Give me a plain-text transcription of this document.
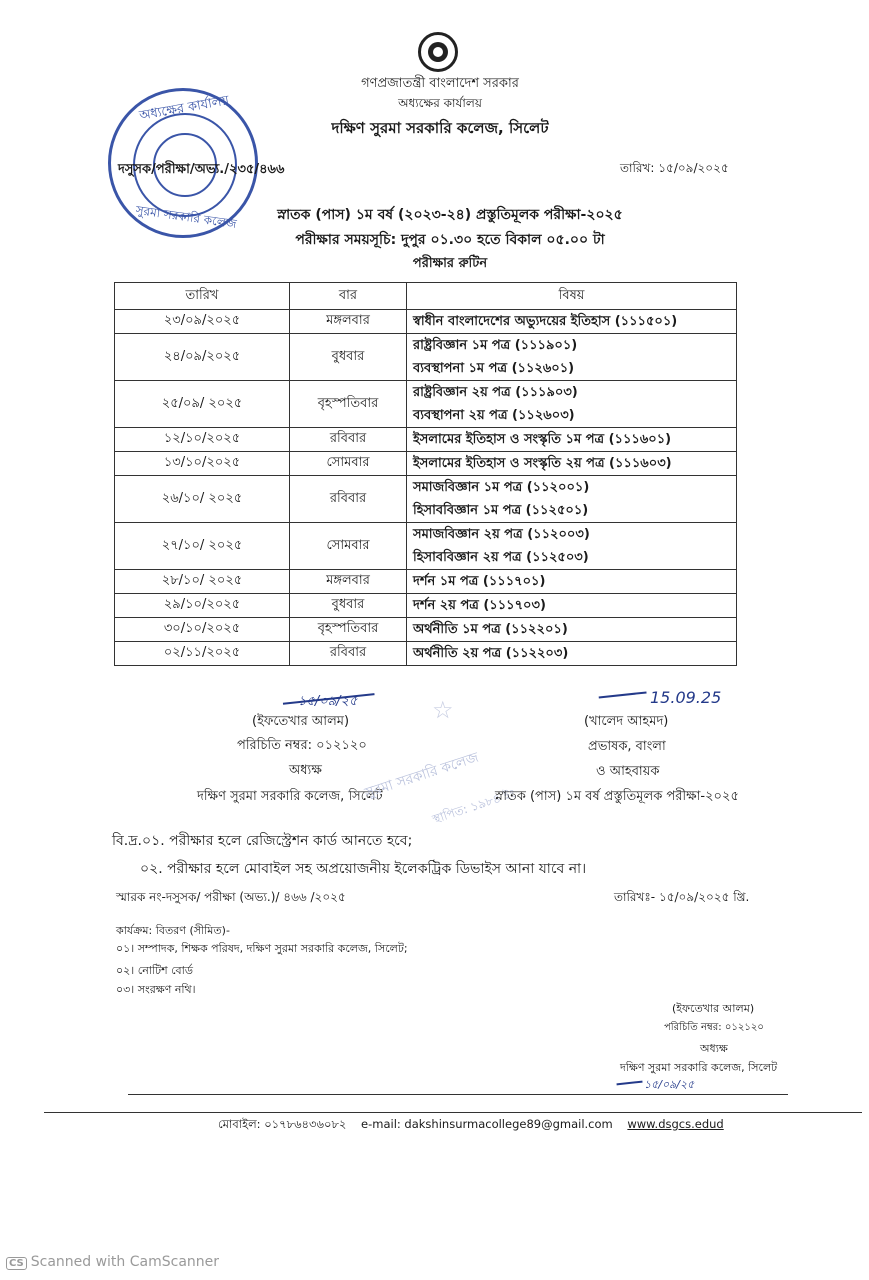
গণপ্রজাতন্ত্রী বাংলাদেশ সরকার
অধ্যক্ষের কার্যালয়
দক্ষিণ সুরমা সরকারি কলেজ, সিলেট
অধ্যক্ষের কার্যালয়
সুরমা সরকারি কলেজ
দসুসক/পরীক্ষা/অভ্য./২৩৫/৪৬৬	তারিখ: ১৫/০৯/২০২৫
স্নাতক (পাস) ১ম বর্ষ (২০২৩-২৪) প্রস্তুতিমূলক পরীক্ষা-২০২৫
পরীক্ষার সময়সূচি: দুপুর ০১.৩০ হতে বিকাল ০৫.০০ টা
পরীক্ষার রুটিন
তারিখ	বার	বিষয়
২৩/০৯/২০২৫	মঙ্গলবার	স্বাধীন বাংলাদেশের অভ্যুদয়ের ইতিহাস (১১১৫০১)

২৪/০৯/২০২৫	বুধবার	রাষ্ট্রবিজ্ঞান ১ম পত্র (১১১৯০১)
ব্যবস্থাপনা ১ম পত্র (১১২৬০১)

২৫/০৯/ ২০২৫	বৃহস্পতিবার	রাষ্ট্রবিজ্ঞান ২য় পত্র (১১১৯০৩)
ব্যবস্থাপনা ২য় পত্র (১১২৬০৩)

১২/১০/২০২৫	রবিবার	ইসলামের ইতিহাস ও সংস্কৃতি ১ম পত্র (১১১৬০১)

১৩/১০/২০২৫	সোমবার	ইসলামের ইতিহাস ও সংস্কৃতি ২য় পত্র (১১১৬০৩)

২৬/১০/ ২০২৫	রবিবার	সমাজবিজ্ঞান ১ম পত্র (১১২০০১)
হিসাববিজ্ঞান ১ম পত্র (১১২৫০১)

২৭/১০/ ২০২৫	সোমবার	সমাজবিজ্ঞান ২য় পত্র (১১২০০৩)
হিসাববিজ্ঞান ২য় পত্র (১১২৫০৩)

২৮/১০/ ২০২৫	মঙ্গলবার	দর্শন ১ম পত্র (১১১৭০১)

২৯/১০/২০২৫	বুধবার	দর্শন ২য় পত্র (১১১৭০৩)

৩০/১০/২০২৫	বৃহস্পতিবার	অর্থনীতি ১ম পত্র (১১২২০১)

০২/১১/২০২৫	রবিবার	অর্থনীতি ২য় পত্র (১১২২০৩)
১৫/০৯/২৫
(ইফতেখার আলম)
পরিচিতি নম্বর: ০১২১২০
অধ্যক্ষ
দক্ষিণ সুরমা সরকারি কলেজ, সিলেট
সুরমা সরকারি কলেজ
স্থাপিত: ১৯৮৪ ইং
☆	15.09.25
(খালেদ আহমদ)
প্রভাষক, বাংলা
ও আহবায়ক
স্নাতক (পাস) ১ম বর্ষ প্রস্তুতিমূলক পরীক্ষা-২০২৫
বি.দ্র.০১. পরীক্ষার হলে রেজিস্ট্রেশন কার্ড আনতে হবে;
০২. পরীক্ষার হলে মোবাইল সহ অপ্রয়োজনীয় ইলেকট্রিক ডিভাইস আনা যাবে না।
স্মারক নং-দসুসক/ পরীক্ষা (অভ্য.)/ ৪৬৬ /২০২৫	তারিখঃ- ১৫/০৯/২০২৫ খ্রি.
কার্যক্রম: বিতরণ (সীমিত)-
০১। সম্পাদক, শিক্ষক পরিষদ, দক্ষিণ সুরমা সরকারি কলেজ, সিলেট;
০২। নোটিশ বোর্ড
০৩। সংরক্ষণ নথি।
(ইফতেখার আলম)
পরিচিতি নম্বর: ০১২১২০
অধ্যক্ষ
দক্ষিণ সুরমা সরকারি কলেজ, সিলেট
১৫/০৯/২৫
মোবাইল: ০১৭৮৬৪৩৬০৮২ e-mail: dakshinsurmacollege89@gmail.com www.dsgcs.edud
CS Scanned with CamScanner
